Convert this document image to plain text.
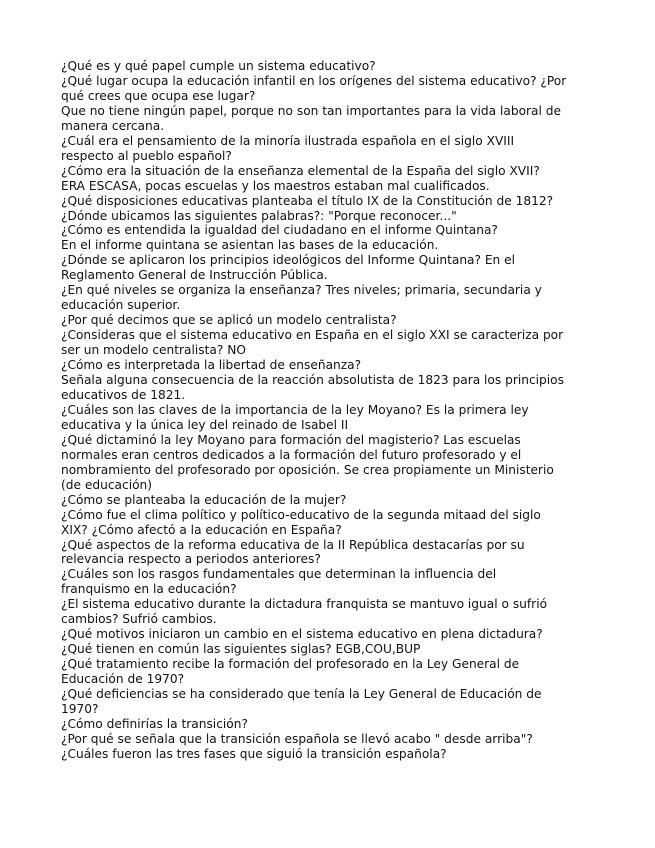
¿Qué es y qué papel cumple un sistema educativo?
¿Qué lugar ocupa la educación infantil en los orígenes del sistema educativo? ¿Por
qué crees que ocupa ese lugar?
Que no tiene ningún papel, porque no son tan importantes para la vida laboral de
manera cercana.
¿Cuál era el pensamiento de la minoría ilustrada española en el siglo XVIII
respecto al pueblo español?
¿Cómo era la situación de la enseñanza elemental de la España del siglo XVII?
ERA ESCASA, pocas escuelas y los maestros estaban mal cualificados.
¿Qué disposiciones educativas planteaba el título IX de la Constitución de 1812?
¿Dónde ubicamos las siguientes palabras?: "Porque reconocer..."
¿Cómo es entendida la igualdad del ciudadano en el informe Quintana?
En el informe quintana se asientan las bases de la educación.
¿Dónde se aplicaron los principios ideológicos del Informe Quintana? En el
Reglamento General de Instrucción Pública.
¿En qué niveles se organiza la enseñanza? Tres niveles; primaria, secundaria y
educación superior.
¿Por qué decimos que se aplicó un modelo centralista?
¿Consideras que el sistema educativo en España en el siglo XXI se caracteriza por
ser un modelo centralista? NO
¿Cómo es interpretada la libertad de enseñanza?
Señala alguna consecuencia de la reacción absolutista de 1823 para los principios
educativos de 1821.
¿Cuáles son las claves de la importancia de la ley Moyano? Es la primera ley
educativa y la única ley del reinado de Isabel II
¿Qué dictaminó la ley Moyano para formación del magisterio? Las escuelas
normales eran centros dedicados a la formación del futuro profesorado y el
nombramiento del profesorado por oposición. Se crea propiamente un Ministerio
(de educación)
¿Cómo se planteaba la educación de la mujer?
¿Cómo fue el clima político y político-educativo de la segunda mitaad del siglo
XIX? ¿Cómo afectó a la educación en España?
¿Qué aspectos de la reforma educativa de la II República destacarías por su
relevancia respecto a periodos anteriores?
¿Cuáles son los rasgos fundamentales que determinan la influencia del
franquismo en la educación?
¿El sistema educativo durante la dictadura franquista se mantuvo igual o sufrió
cambios? Sufrió cambios.
¿Qué motivos iniciaron un cambio en el sistema educativo en plena dictadura?
¿Qué tienen en común las siguientes siglas? EGB,COU,BUP
¿Qué tratamiento recibe la formación del profesorado en la Ley General de
Educación de 1970?
¿Qué deficiencias se ha considerado que tenía la Ley General de Educación de
1970?
¿Cómo definirías la transición?
¿Por qué se señala que la transición española se llevó acabo " desde arriba"?
¿Cuáles fueron las tres fases que siguió la transición española?
